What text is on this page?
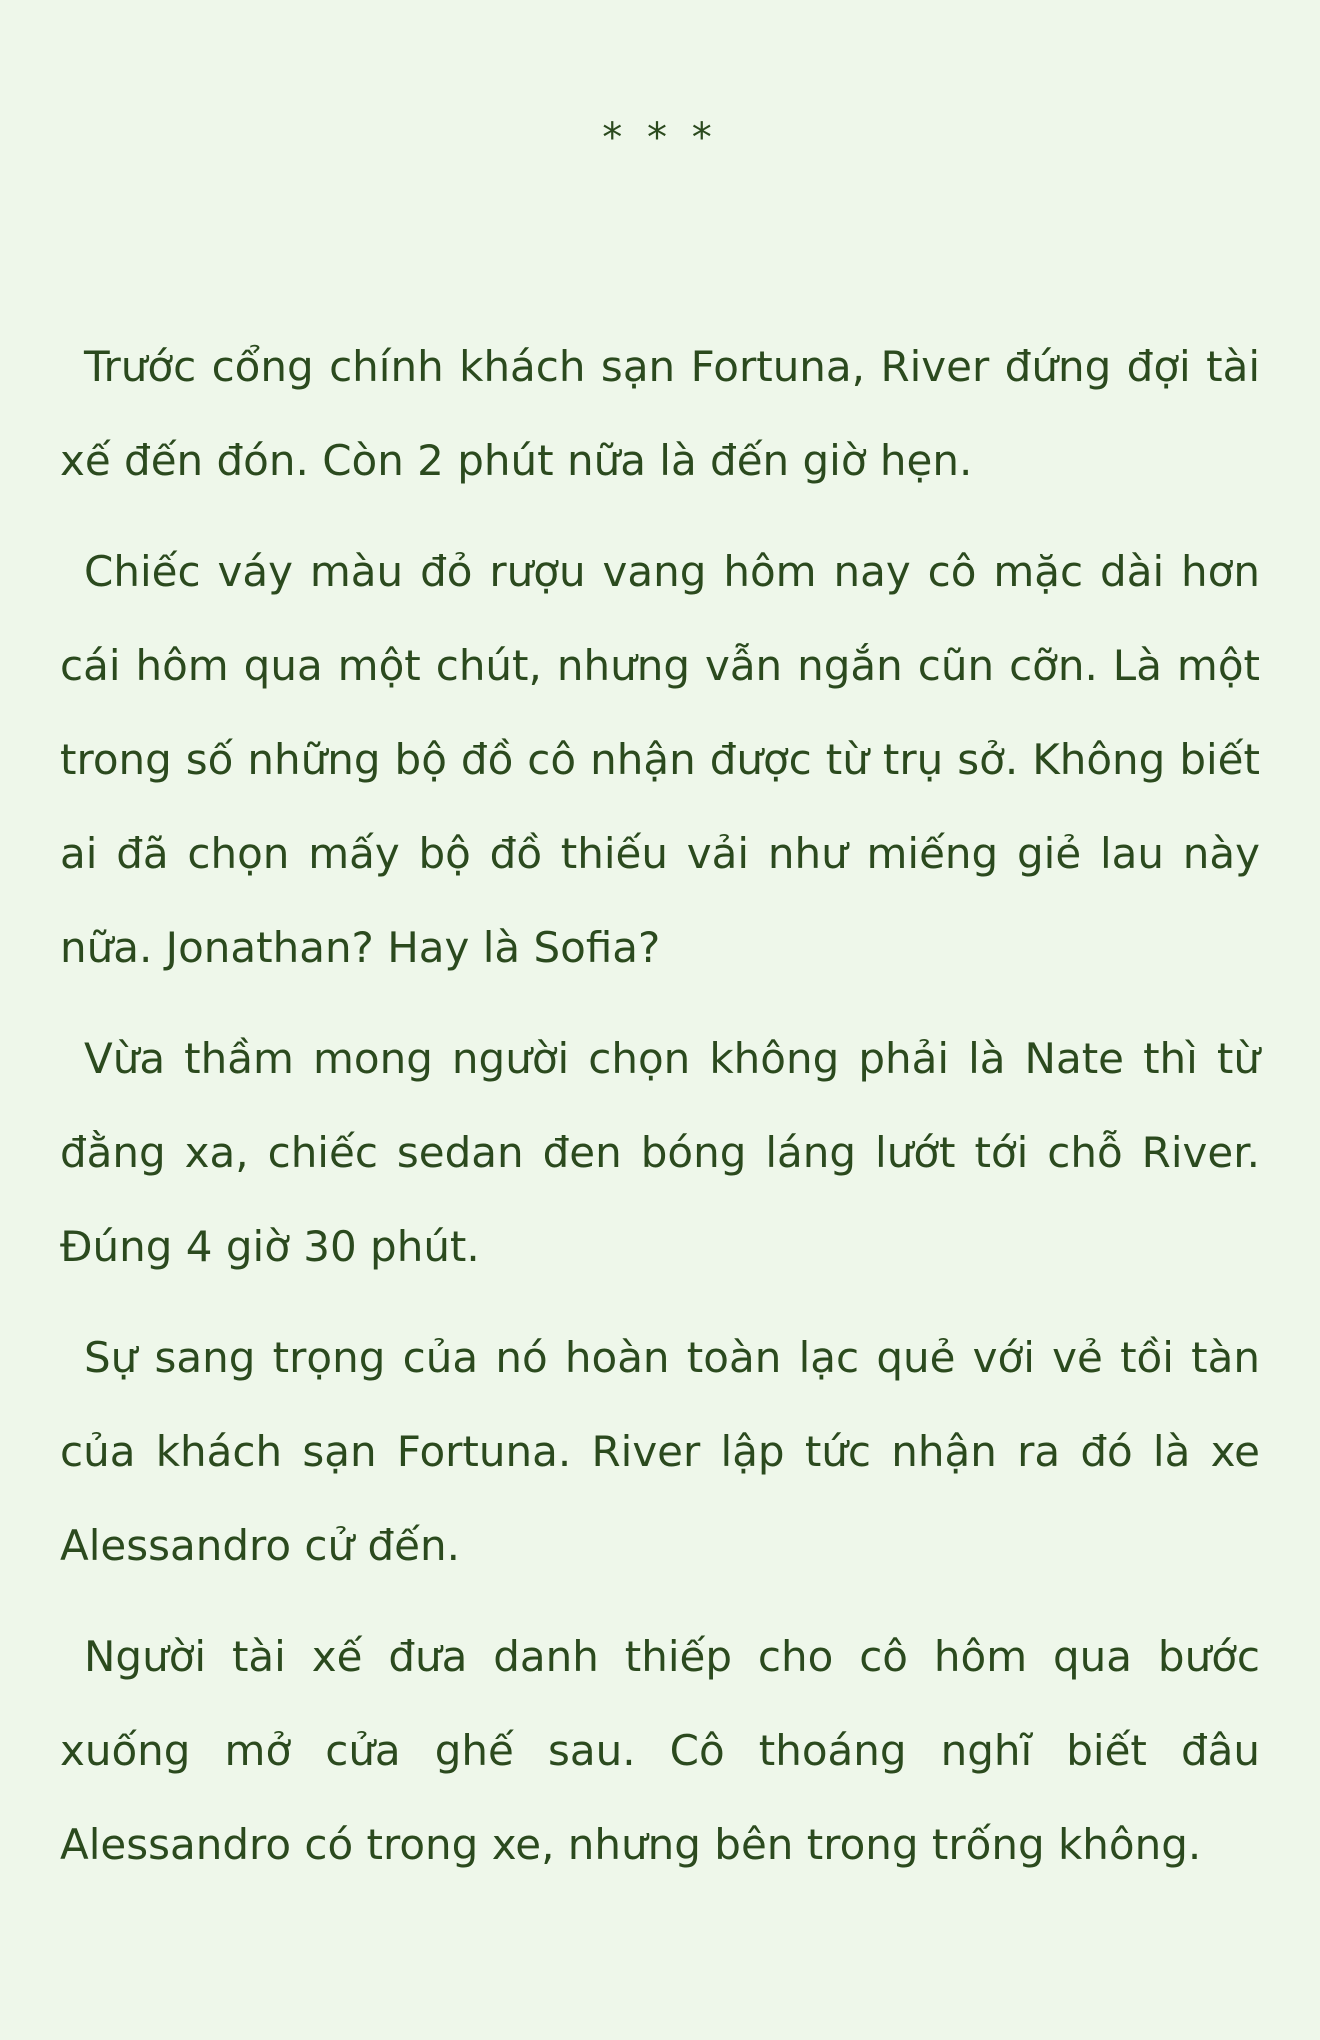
* * *

Trước cổng chính khách sạn Fortuna, River đứng đợi tài xế đến đón. Còn 2 phút nữa là đến giờ hẹn.

Chiếc váy màu đỏ rượu vang hôm nay cô mặc dài hơn cái hôm qua một chút, nhưng vẫn ngắn cũn cỡn. Là một trong số những bộ đồ cô nhận được từ trụ sở. Không biết ai đã chọn mấy bộ đồ thiếu vải như miếng giẻ lau này nữa. Jonathan? Hay là Sofia?

Vừa thầm mong người chọn không phải là Nate thì từ đằng xa, chiếc sedan đen bóng láng lướt tới chỗ River. Đúng 4 giờ 30 phút.

Sự sang trọng của nó hoàn toàn lạc quẻ với vẻ tồi tàn của khách sạn Fortuna. River lập tức nhận ra đó là xe Alessandro cử đến.

Người tài xế đưa danh thiếp cho cô hôm qua bước xuống mở cửa ghế sau. Cô thoáng nghĩ biết đâu Alessandro có trong xe, nhưng bên trong trống không.
